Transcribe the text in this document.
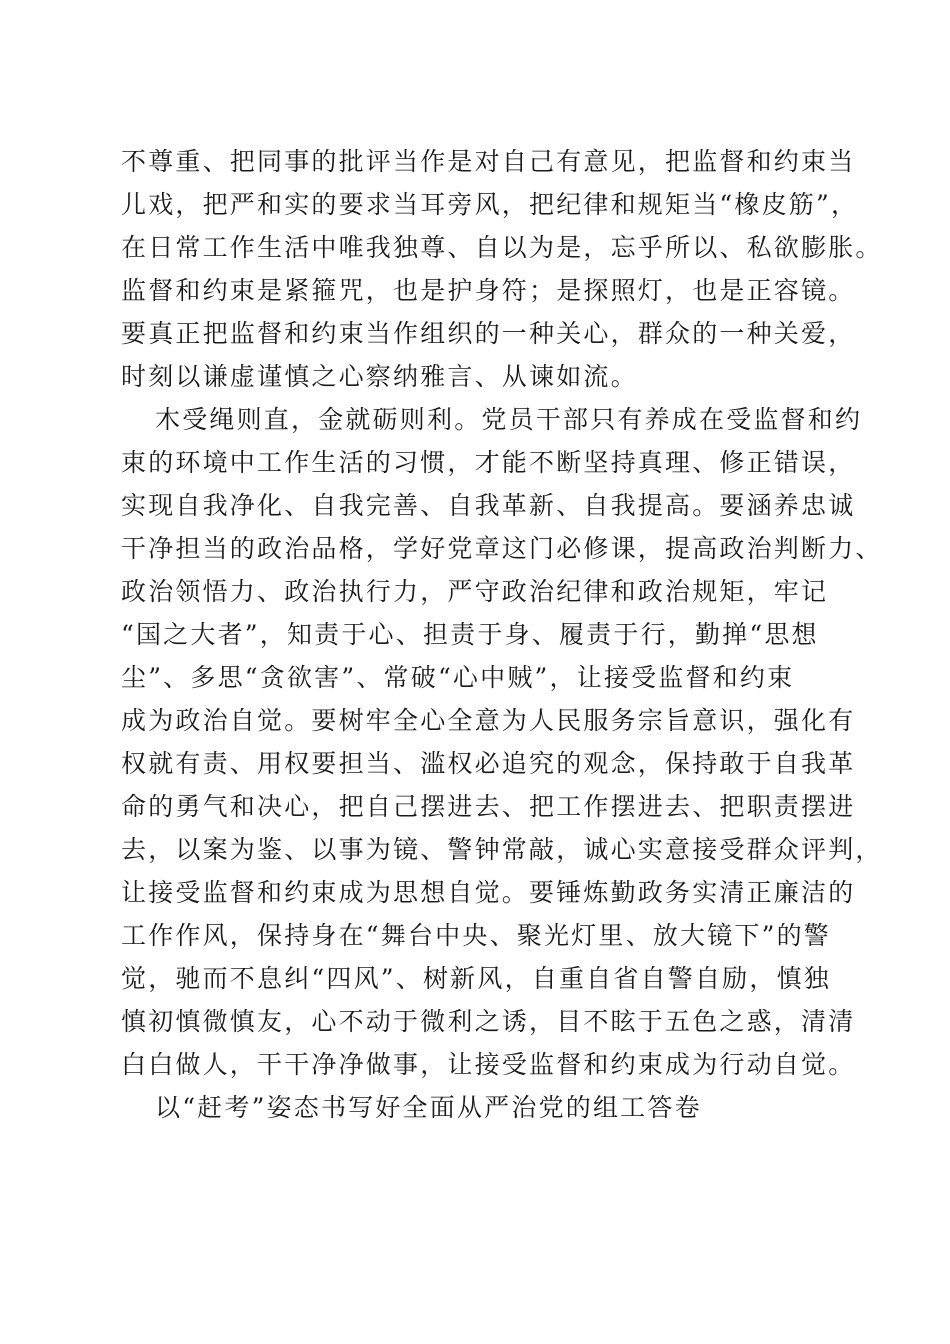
不尊重、把同事的批评当作是对自己有意见，把监督和约束当
儿戏，把严和实的要求当耳旁风，把纪律和规矩当“橡皮筋”，
在日常工作生活中唯我独尊、自以为是，忘乎所以、私欲膨胀。
监督和约束是紧箍咒，也是护身符；是探照灯，也是正容镜。
要真正把监督和约束当作组织的一种关心，群众的一种关爱，
时刻以谦虚谨慎之心察纳雅言、从谏如流。
木受绳则直，金就砺则利。党员干部只有养成在受监督和约
束的环境中工作生活的习惯，才能不断坚持真理、修正错误，
实现自我净化、自我完善、自我革新、自我提高。要涵养忠诚
干净担当的政治品格，学好党章这门必修课，提高政治判断力、
政治领悟力、政治执行力，严守政治纪律和政治规矩，牢记
“国之大者”，知责于心、担责于身、履责于行，勤掸“思想
尘”、多思“贪欲害”、常破“心中贼”，让接受监督和约束
成为政治自觉。要树牢全心全意为人民服务宗旨意识，强化有
权就有责、用权要担当、滥权必追究的观念，保持敢于自我革
命的勇气和决心，把自己摆进去、把工作摆进去、把职责摆进
去，以案为鉴、以事为镜、警钟常敲，诚心实意接受群众评判，
让接受监督和约束成为思想自觉。要锤炼勤政务实清正廉洁的
工作作风，保持身在“舞台中央、聚光灯里、放大镜下”的警
觉，驰而不息纠“四风”、树新风，自重自省自警自励，慎独
慎初慎微慎友，心不动于微利之诱，目不眩于五色之惑，清清
白白做人，干干净净做事，让接受监督和约束成为行动自觉。
以“赶考”姿态书写好全面从严治党的组工答卷
